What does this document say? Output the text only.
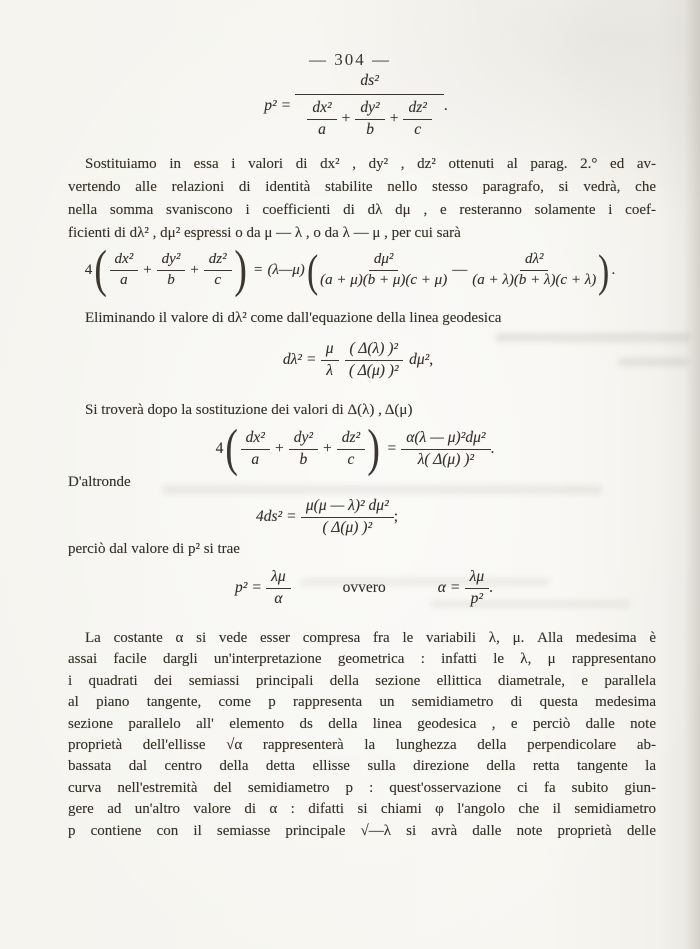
— 304 —
$p^2 = \frac{\text{ds²}}{\frac{\text{dx²}}{a} + \frac{\text{dy²}}{b} + \frac{\text{dz²}}{c}}$ .
Sostituiamo in essa i valori di dx² , dy² , dz² ottenuti al parag. 2.° ed av-
vertendo alle relazioni di identità stabilite nello stesso paragrafo, si vedrà, che
nella somma svaniscono i coefficienti di dλ dμ , e resteranno solamente i coef-
ficienti di dλ² , dμ² espressi o da μ — λ , o da λ — μ , per cui sarà
4 ( $\frac{\text{dx²}}{a} + \frac{\text{dy²}}{b} + \frac{\text{dz²}}{c}$ ) = (λ—μ) ( $\frac{\text{dμ²}}{(a + \mu)(b + \mu)(c + \mu)}$ — $\frac{\text{dλ²}}{(a + \lambda)(b + \lambda)(c + \lambda)}$ ) .
Eliminando il valore di dλ² come dall'equazione della linea geodesica
$d\lambda^2 = \frac{\mu}{\lambda} \frac{\text{( Δ(λ) )²}}{\text{( Δ(μ) )²}} d\mu^2$ ,
Si troverà dopo la sostituzione dei valori di Δ(λ) , Δ(μ)
4 ( $\frac{\text{dx²}}{a} + \frac{\text{dy²}}{b} + \frac{\text{dz²}}{c}$ ) = $\frac{\text{α(λ — μ)²dμ²}}{\text{λ( Δ(μ) )²}}$ .
D'altronde
$4ds^2 = \frac{\text{μ(μ — λ)² dμ²}}{\text{( Δ(μ) )²}}$ ;
perciò dal valore di p² si trae
$p^2 = \frac{\lambda\mu}{\alpha}$	ovvero	$\alpha = \frac{\lambda\mu}{\text{p²}}$ .
La costante α si vede esser compresa fra le variabili λ, μ. Alla medesima è
assai facile dargli un'interpretazione geometrica : infatti le λ, μ rappresentano
i quadrati dei semiassi principali della sezione ellittica diametrale, e parallela
al piano tangente, come p rappresenta un semidiametro di questa medesima
sezione parallelo all' elemento ds della linea geodesica , e perciò dalle note
proprietà dell'ellisse √α rappresenterà la lunghezza della perpendicolare ab-
bassata dal centro della detta ellisse sulla direzione della retta tangente la
curva nell'estremità del semidiametro p : quest'osservazione ci fa subito giun-
gere ad un'altro valore di α : difatti si chiami φ l'angolo che il semidiametro
p contiene con il semiasse principale √—λ si avrà dalle note proprietà delle
